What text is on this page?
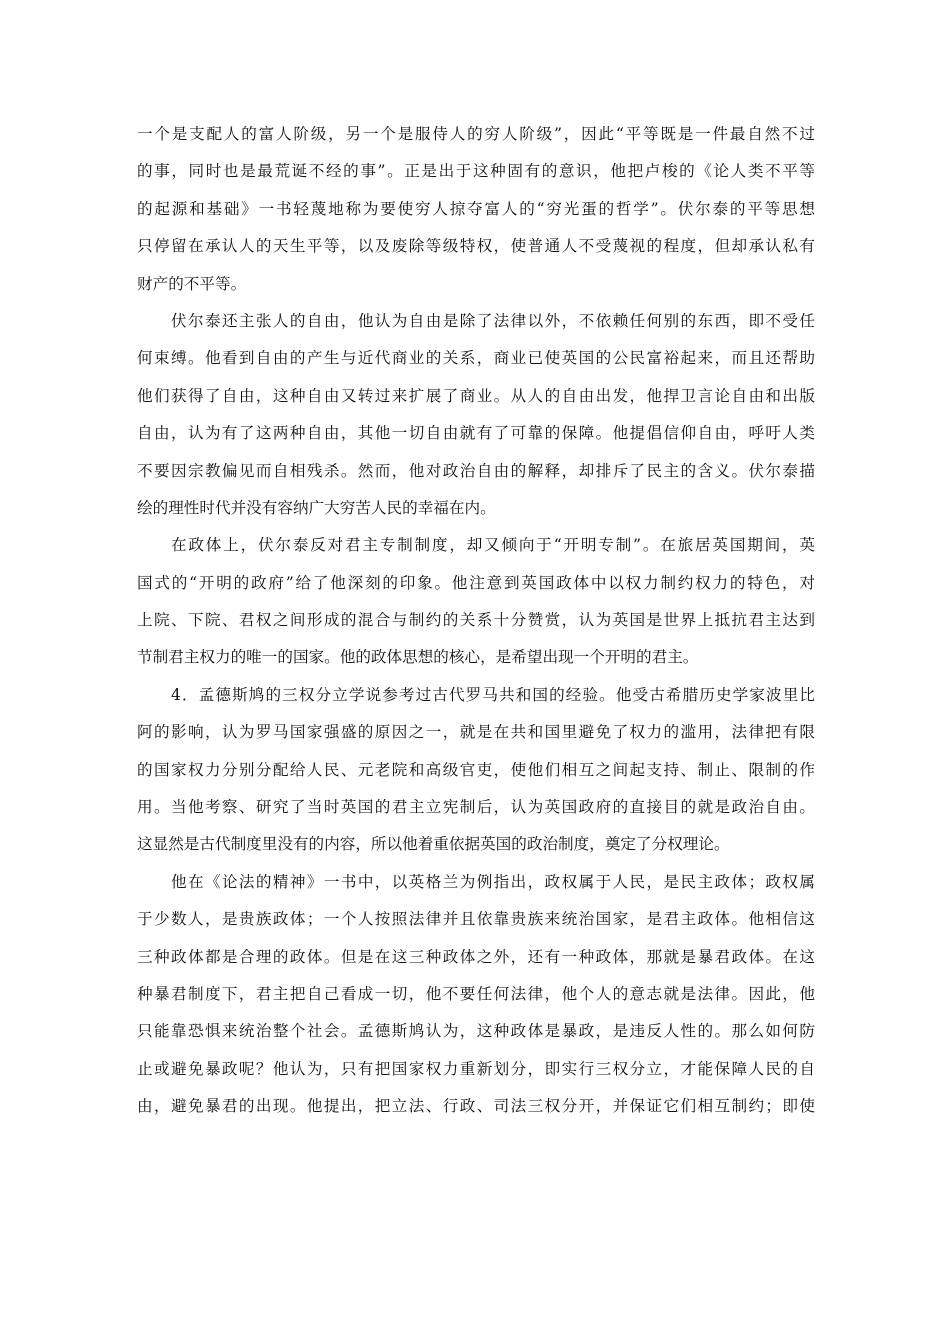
一个是支配人的富人阶级，另一个是服侍人的穷人阶级”，因此“平等既是一件最自然不过
的事，同时也是最荒诞不经的事”。正是出于这种固有的意识，他把卢梭的《论人类不平等
的起源和基础》一书轻蔑地称为要使穷人掠夺富人的“穷光蛋的哲学”。伏尔泰的平等思想
只停留在承认人的天生平等，以及废除等级特权，使普通人不受蔑视的程度，但却承认私有
财产的不平等。
伏尔泰还主张人的自由，他认为自由是除了法律以外，不依赖任何别的东西，即不受任
何束缚。他看到自由的产生与近代商业的关系，商业已使英国的公民富裕起来，而且还帮助
他们获得了自由，这种自由又转过来扩展了商业。从人的自由出发，他捍卫言论自由和出版
自由，认为有了这两种自由，其他一切自由就有了可靠的保障。他提倡信仰自由，呼吁人类
不要因宗教偏见而自相残杀。然而，他对政治自由的解释，却排斥了民主的含义。伏尔泰描
绘的理性时代并没有容纳广大穷苦人民的幸福在内。
在政体上，伏尔泰反对君主专制制度，却又倾向于“开明专制”。在旅居英国期间，英
国式的“开明的政府”给了他深刻的印象。他注意到英国政体中以权力制约权力的特色，对
上院、下院、君权之间形成的混合与制约的关系十分赞赏，认为英国是世界上抵抗君主达到
节制君主权力的唯一的国家。他的政体思想的核心，是希望出现一个开明的君主。
4．孟德斯鸠的三权分立学说参考过古代罗马共和国的经验。他受古希腊历史学家波里比
阿的影响，认为罗马国家强盛的原因之一，就是在共和国里避免了权力的滥用，法律把有限
的国家权力分别分配给人民、元老院和高级官吏，使他们相互之间起支持、制止、限制的作
用。当他考察、研究了当时英国的君主立宪制后，认为英国政府的直接目的就是政治自由。
这显然是古代制度里没有的内容，所以他着重依据英国的政治制度，奠定了分权理论。
他在《论法的精神》一书中，以英格兰为例指出，政权属于人民，是民主政体；政权属
于少数人，是贵族政体；一个人按照法律并且依靠贵族来统治国家，是君主政体。他相信这
三种政体都是合理的政体。但是在这三种政体之外，还有一种政体，那就是暴君政体。在这
种暴君制度下，君主把自己看成一切，他不要任何法律，他个人的意志就是法律。因此，他
只能靠恐惧来统治整个社会。孟德斯鸠认为，这种政体是暴政，是违反人性的。那么如何防
止或避免暴政呢？他认为，只有把国家权力重新划分，即实行三权分立，才能保障人民的自
由，避免暴君的出现。他提出，把立法、行政、司法三权分开，并保证它们相互制约；即使
